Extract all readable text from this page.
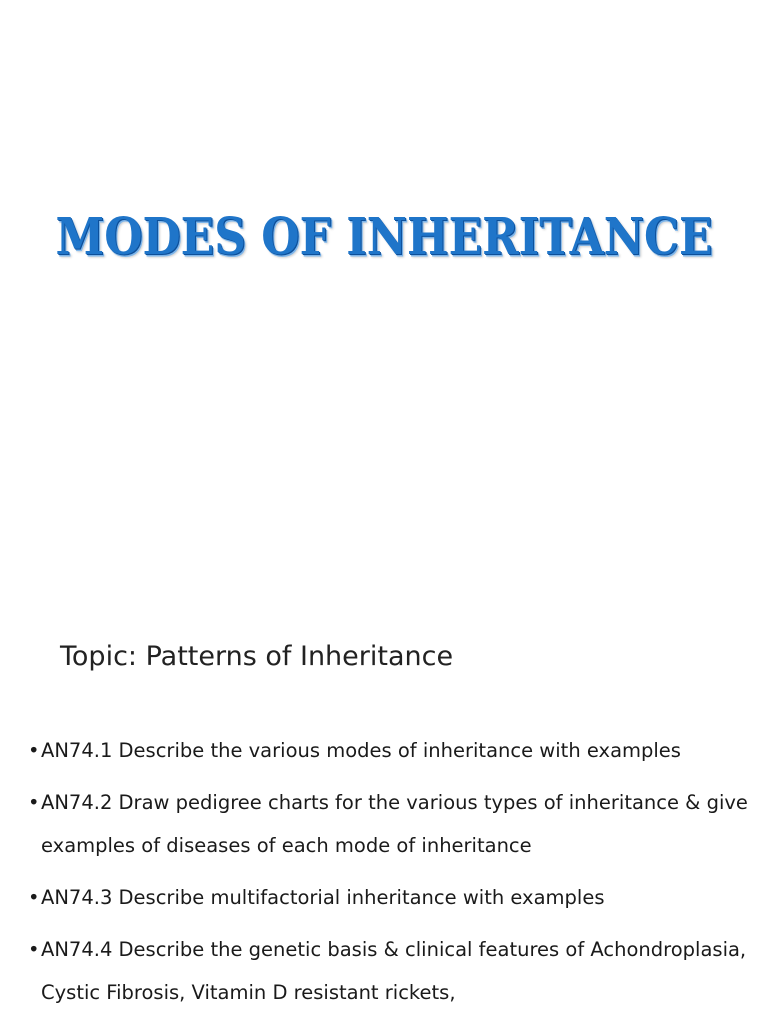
MODES OF INHERITANCE
Topic: Patterns of Inheritance
• AN74.1 Describe the various modes of inheritance with examples
• AN74.2 Draw pedigree charts for the various types of inheritance & give examples of diseases of each mode of inheritance
• AN74.3 Describe multifactorial inheritance with examples
• AN74.4 Describe the genetic basis & clinical features of Achondroplasia, Cystic Fibrosis, Vitamin D resistant rickets,
